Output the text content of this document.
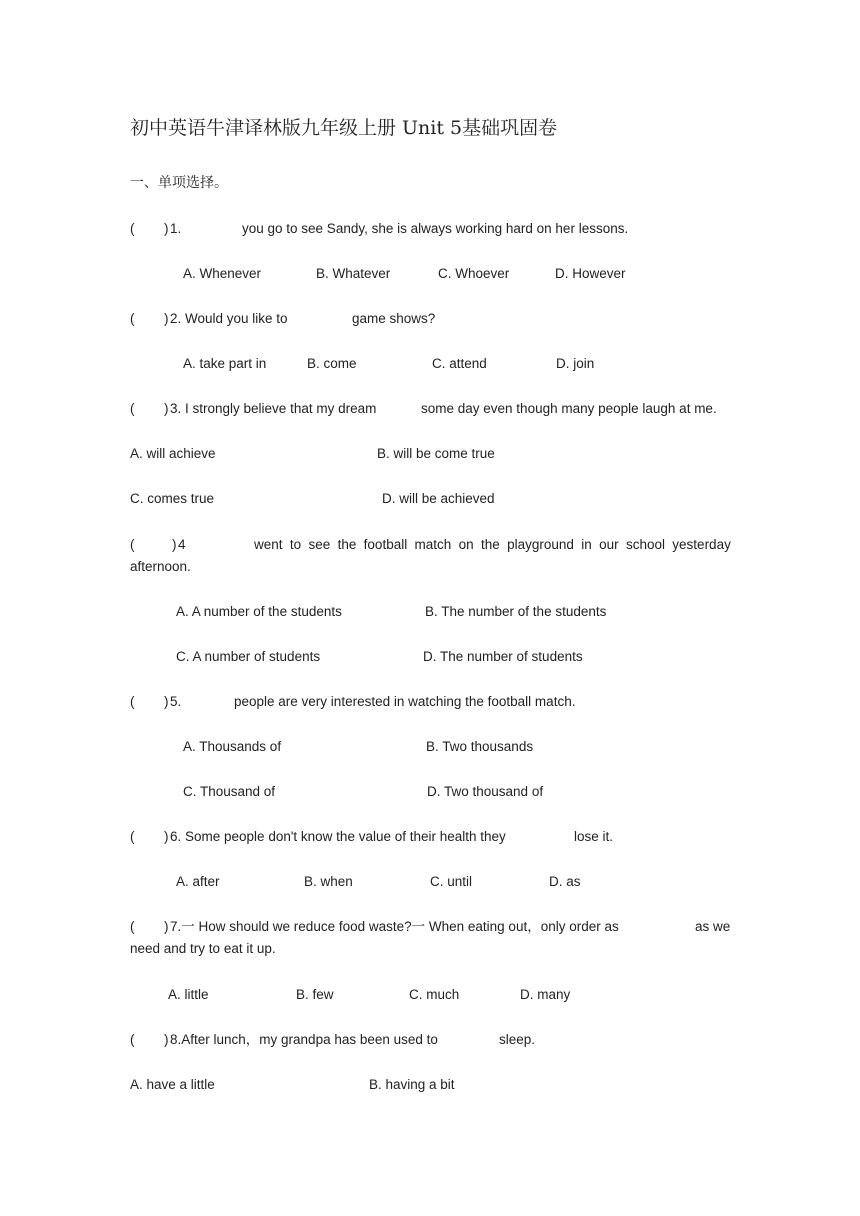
初中英语牛津译林版九年级上册 Unit 5基础巩固卷
一、单项选择。
( ) 1.	you go to see Sandy, she is always working hard on her lessons.
A. Whenever	B. Whatever	C. Whoever	D. However
( ) 2. Would you like to	game shows?
A. take part in	B. come	C. attend	D. join
( ) 3. I strongly believe that my dream	some day even though many people laugh at me.
A. will achieve	B. will be come true
C. comes true	D. will be achieved
(	) 4	went to see the football match on the playground in our school yesterday
afternoon.
A. A number of the students	B. The number of the students
C. A number of students	D. The number of students
( ) 5.	people are very interested in watching the football match.
A. Thousands of	B. Two thousands
C. Thousand of	D. Two thousand of
( ) 6. Some people don't know the value of their health they	lose it.
A. after	B. when	C. until	D. as
( ) 7.一 How should we reduce food waste?一 When eating out，only order as	as we
need and try to eat it up.
A. little	B. few	C. much	D. many
( ) 8.After lunch，my grandpa has been used to	sleep.
A. have a little	B. having a bit
